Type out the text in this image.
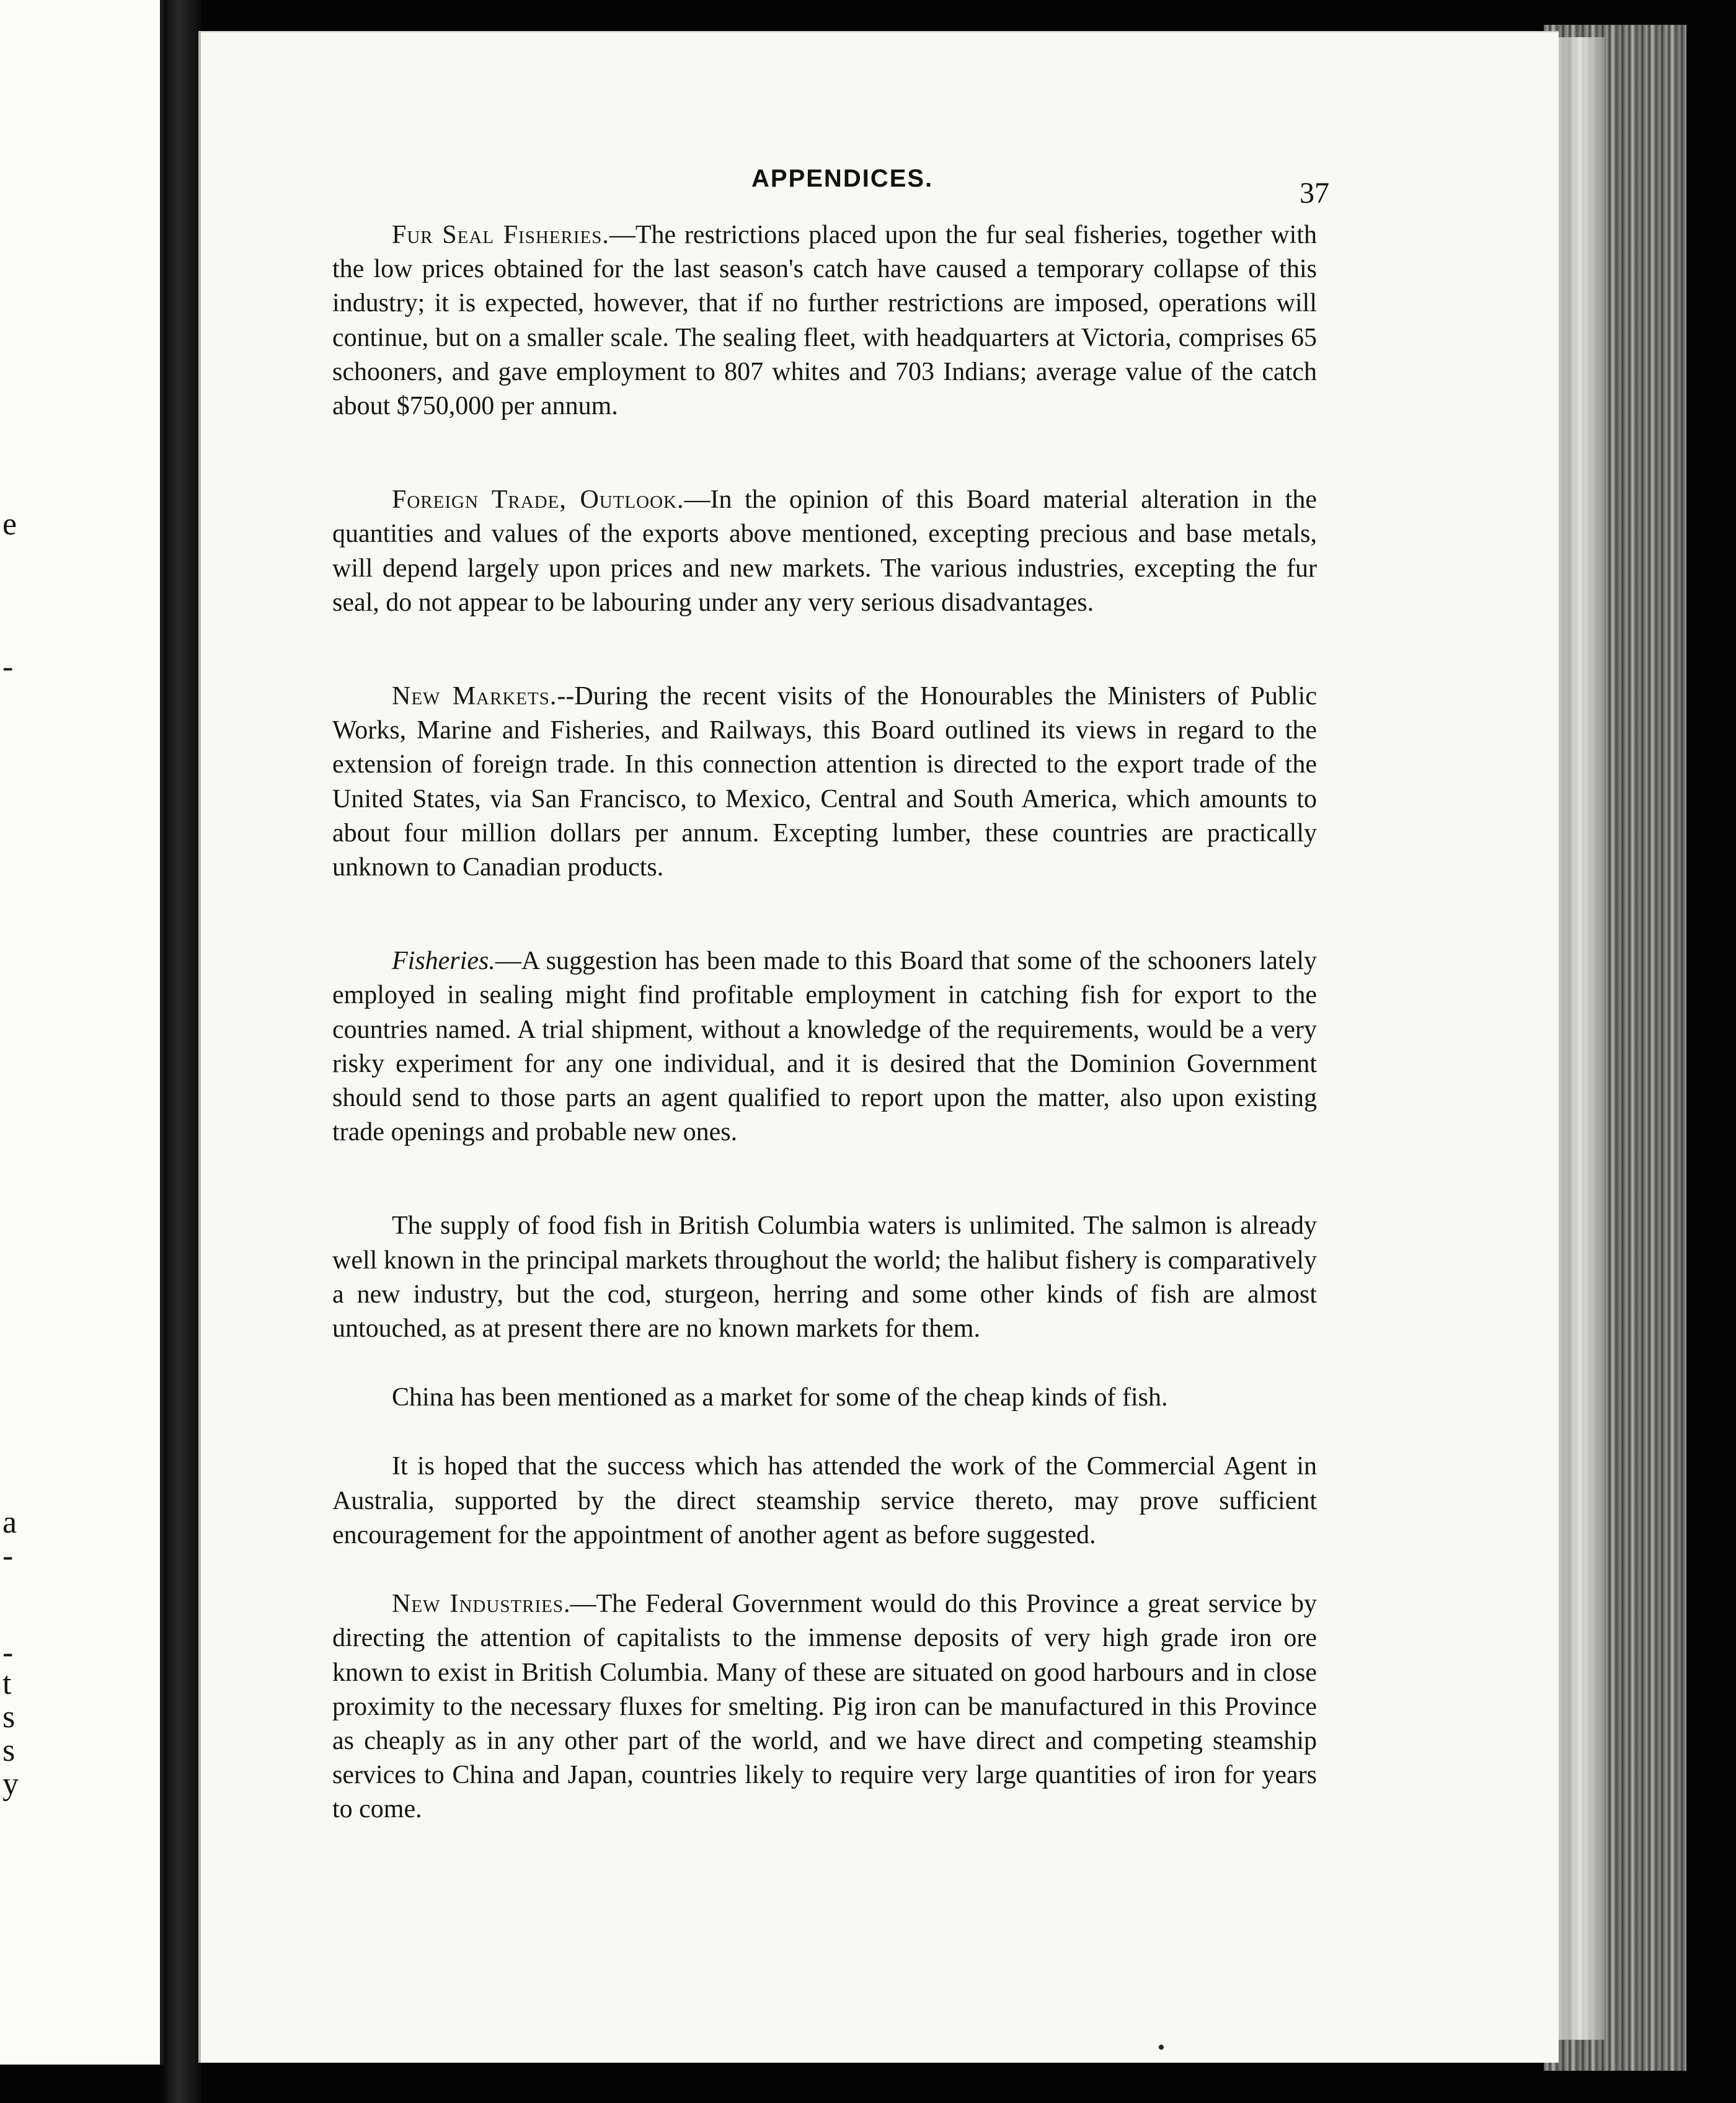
e
-
a
-
-
t
s
s
y
APPENDICES.	37

Fur Seal Fisheries.—The restrictions placed upon the fur seal fisheries, together with the low prices obtained for the last season's catch have caused a temporary collapse of this industry; it is expected, however, that if no further restrictions are imposed, operations will continue, but on a smaller scale. The sealing fleet, with headquarters at Victoria, comprises 65 schooners, and gave employment to 807 whites and 703 Indians; average value of the catch about $750,000 per annum.

Foreign Trade, Outlook.—In the opinion of this Board material alteration in the quantities and values of the exports above mentioned, excepting precious and base metals, will depend largely upon prices and new markets. The various industries, excepting the fur seal, do not appear to be labouring under any very serious disadvantages.

New Markets.--During the recent visits of the Honourables the Ministers of Public Works, Marine and Fisheries, and Railways, this Board outlined its views in regard to the extension of foreign trade. In this connection attention is directed to the export trade of the United States, via San Francisco, to Mexico, Central and South America, which amounts to about four million dollars per annum. Excepting lumber, these countries are practically unknown to Canadian products.

Fisheries.—A suggestion has been made to this Board that some of the schooners lately employed in sealing might find profitable employment in catching fish for export to the countries named. A trial shipment, without a knowledge of the requirements, would be a very risky experiment for any one individual, and it is desired that the Dominion Government should send to those parts an agent qualified to report upon the matter, also upon existing trade openings and probable new ones.

The supply of food fish in British Columbia waters is unlimited. The salmon is already well known in the principal markets throughout the world; the halibut fishery is comparatively a new industry, but the cod, sturgeon, herring and some other kinds of fish are almost untouched, as at present there are no known markets for them.

China has been mentioned as a market for some of the cheap kinds of fish.

It is hoped that the success which has attended the work of the Commercial Agent in Australia, supported by the direct steamship service thereto, may prove sufficient encouragement for the appointment of another agent as before suggested.

New Industries.—The Federal Government would do this Province a great service by directing the attention of capitalists to the immense deposits of very high grade iron ore known to exist in British Columbia. Many of these are situated on good harbours and in close proximity to the necessary fluxes for smelting. Pig iron can be manufactured in this Province as cheaply as in any other part of the world, and we have direct and competing steamship services to China and Japan, countries likely to require very large quantities of iron for years to come.

•
